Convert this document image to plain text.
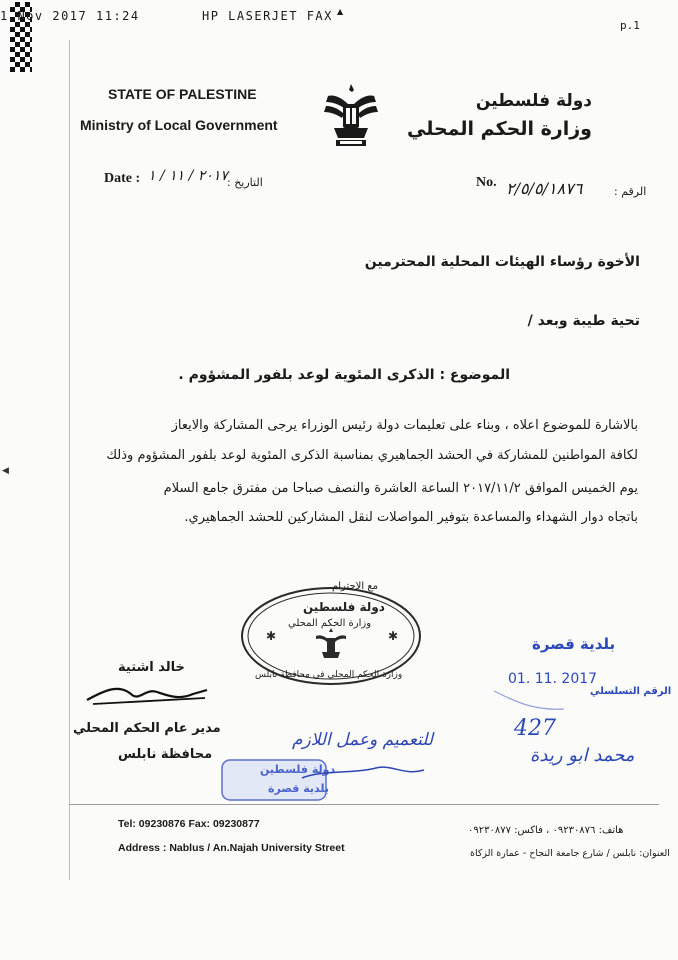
1 Nov 2017 11:24	HP LASERJET FAX ▲
p.1
◀
STATE OF PALESTINE
Ministry of Local Government
دولة فلسطين
وزارة الحكم المحلي
Date : ٢٠١٧ / ١١ / ١ التاريخ :	No. ٢/٥/٥/١٨٧٦	الرقم :
الأخوة رؤساء الهيئات المحلية المحترمين
تحية طيبة وبعد /
الموضوع : الذكرى المئوية لوعد بلفور المشؤوم .
بالاشارة للموضوع اعلاه ، وبناء على تعليمات دولة رئيس الوزراء يرجى المشاركة والايعاز
لكافة المواطنين للمشاركة في الحشد الجماهيري بمناسبة الذكرى المئوية لوعد بلفور المشؤوم وذلك
يوم الخميس الموافق ٢٠١٧/١١/٢ الساعة العاشرة والنصف صباحا من مفترق جامع السلام
باتجاه دوار الشهداء والمساعدة بتوفير المواصلات لنقل المشاركين للحشد الجماهيري.
✱	✱
مع الاحترام
دولة فلسطين
وزارة الحكم المحلي
وزارة الحكم المحلي في محافظة نابلس
خالد اشتية
مدير عام الحكم المحلي
محافظة نابلس
بلدية قصرة
01. 11. 2017
الرقم التسلسلي
427
محمد ابو ريدة
دولة فلسطين
بلدية قصرة
للتعميم وعمل اللازم
Tel: 09230876 Fax: 09230877
Address : Nablus / An.Najah University Street
هاتف: ٠٩٢٣٠٨٧٦ ، فاكس: ٠٩٢٣٠٨٧٧
العنوان: نابلس / شارع جامعة النجاح - عمارة الزكاة
